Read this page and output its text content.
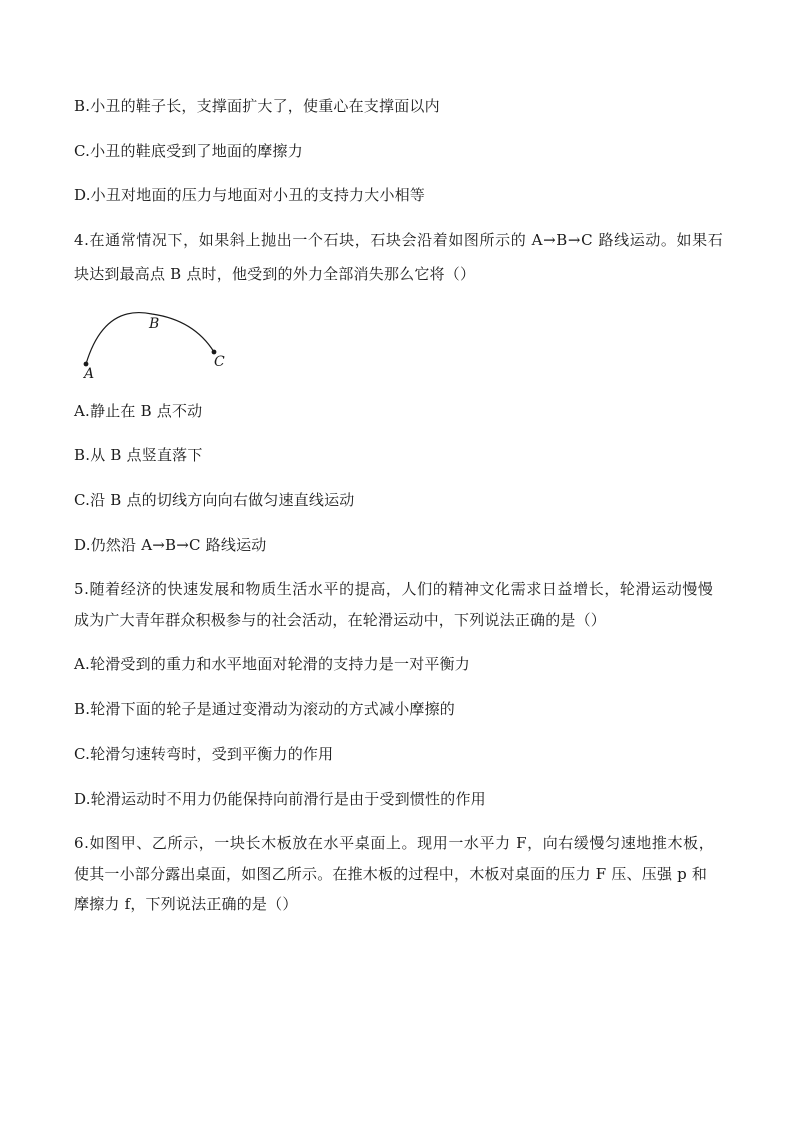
B.小丑的鞋子长，支撑面扩大了，使重心在支撑面以内
C.小丑的鞋底受到了地面的摩擦力
D.小丑对地面的压力与地面对小丑的支持力大小相等
4.在通常情况下，如果斜上抛出一个石块，石块会沿着如图所示的 A→B→C 路线运动。如果石
块达到最高点 B 点时，他受到的外力全部消失那么它将（）
A
B
C
A.静止在 B 点不动
B.从 B 点竖直落下
C.沿 B 点的切线方向向右做匀速直线运动
D.仍然沿 A→B→C 路线运动
5.随着经济的快速发展和物质生活水平的提高，人们的精神文化需求日益增长，轮滑运动慢慢
成为广大青年群众积极参与的社会活动，在轮滑运动中，下列说法正确的是（）
A.轮滑受到的重力和水平地面对轮滑的支持力是一对平衡力
B.轮滑下面的轮子是通过变滑动为滚动的方式减小摩擦的
C.轮滑匀速转弯时，受到平衡力的作用
D.轮滑运动时不用力仍能保持向前滑行是由于受到惯性的作用
6.如图甲、乙所示，一块长木板放在水平桌面上。现用一水平力 F，向右缓慢匀速地推木板，
使其一小部分露出桌面，如图乙所示。在推木板的过程中，木板对桌面的压力 F 压、压强 p 和
摩擦力 f，下列说法正确的是（）
